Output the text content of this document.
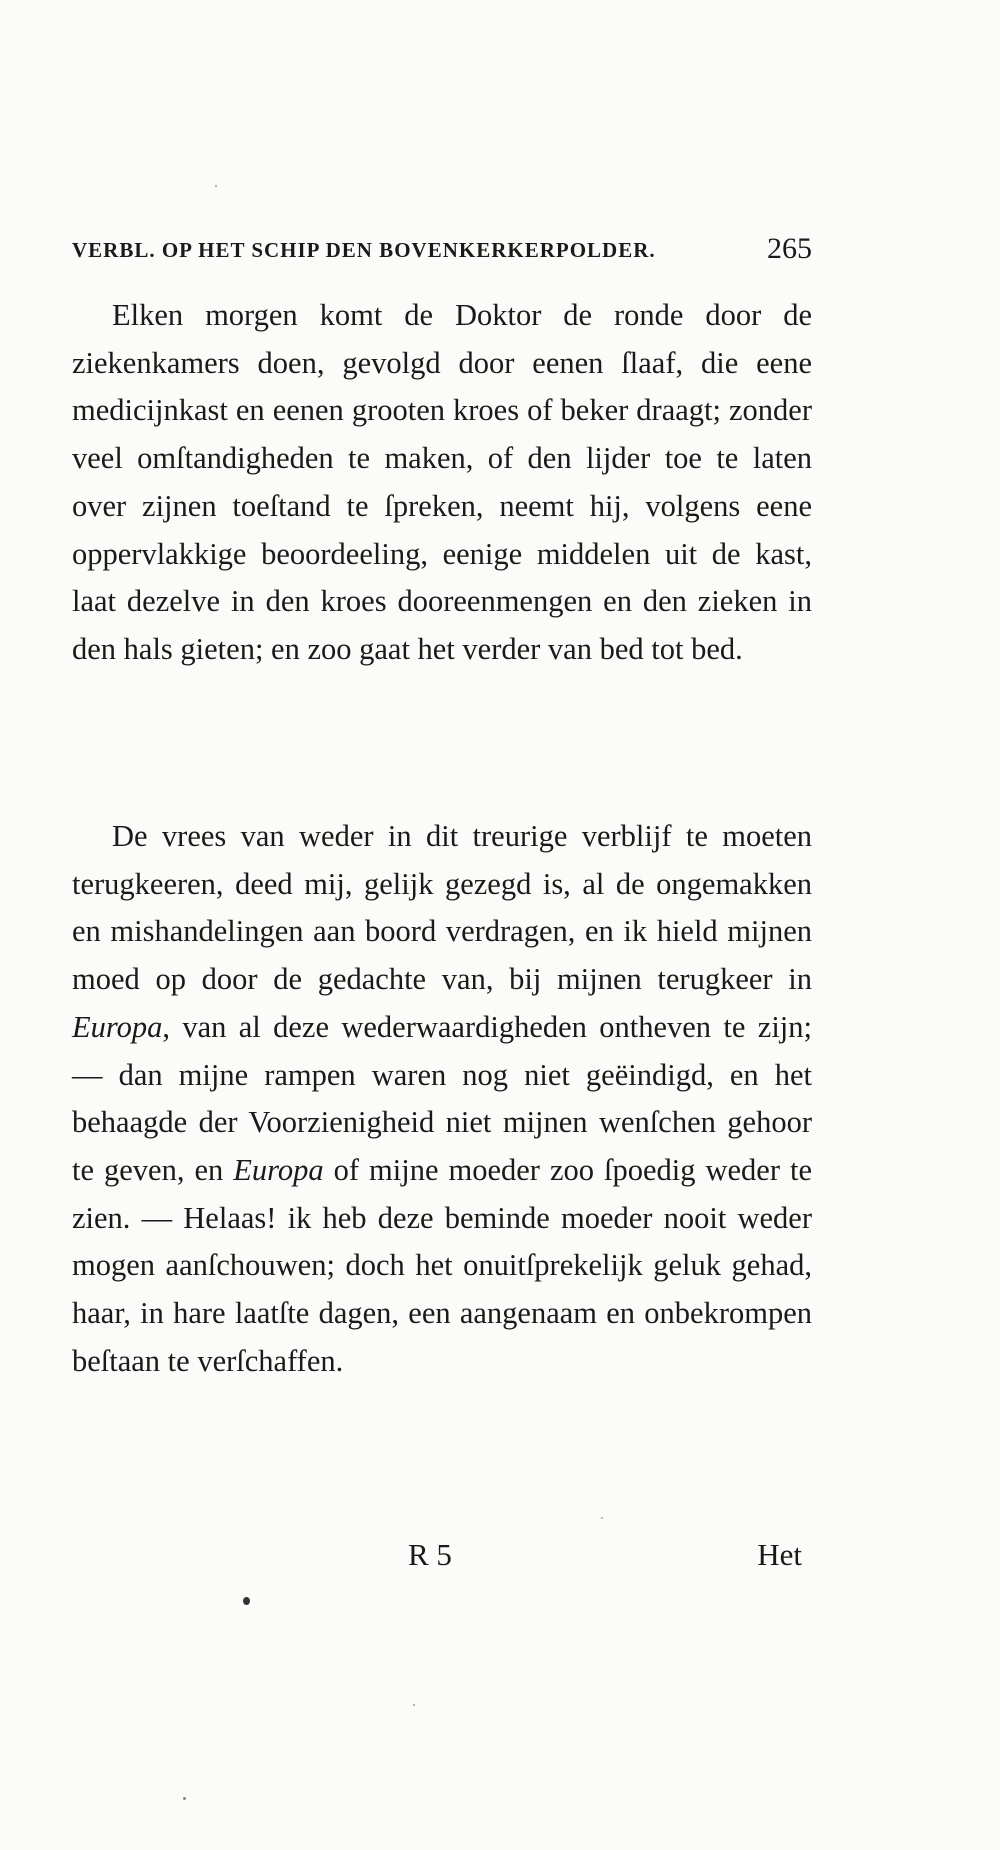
VERBL. OP HET SCHIP DEN BOVENKERKERPOLDER.	265

Elken morgen komt de Doktor de ronde door de ziekenkamers doen, gevolgd door eenen ſlaaf, die eene medicijnkast en eenen grooten kroes of beker draagt; zonder veel omſtandigheden te maken, of den lijder toe te laten over zijnen toeſtand te ſpreken, neemt hij, volgens eene oppervlakkige beoordeeling, eenige middelen uit de kast, laat dezelve in den kroes dooreenmengen en den zieken in den hals gieten; en zoo gaat het verder van bed tot bed.

De vrees van weder in dit treurige verblijf te moeten terugkeeren, deed mij, gelijk gezegd is, al de ongemakken en mishandelingen aan boord verdragen, en ik hield mijnen moed op door de gedachte van, bij mijnen terugkeer in Europa, van al deze wederwaardigheden ontheven te zijn; — dan mijne rampen waren nog niet geëindigd, en het behaagde der Voorzienigheid niet mijnen wenſchen gehoor te geven, en Europa of mijne moeder zoo ſpoedig weder te zien. — Helaas! ik heb deze beminde moeder nooit weder mogen aanſchouwen; doch het onuitſprekelijk geluk gehad, haar, in hare laatſte dagen, een aangenaam en onbekrompen beſtaan te verſchaffen.

R 5	Het
